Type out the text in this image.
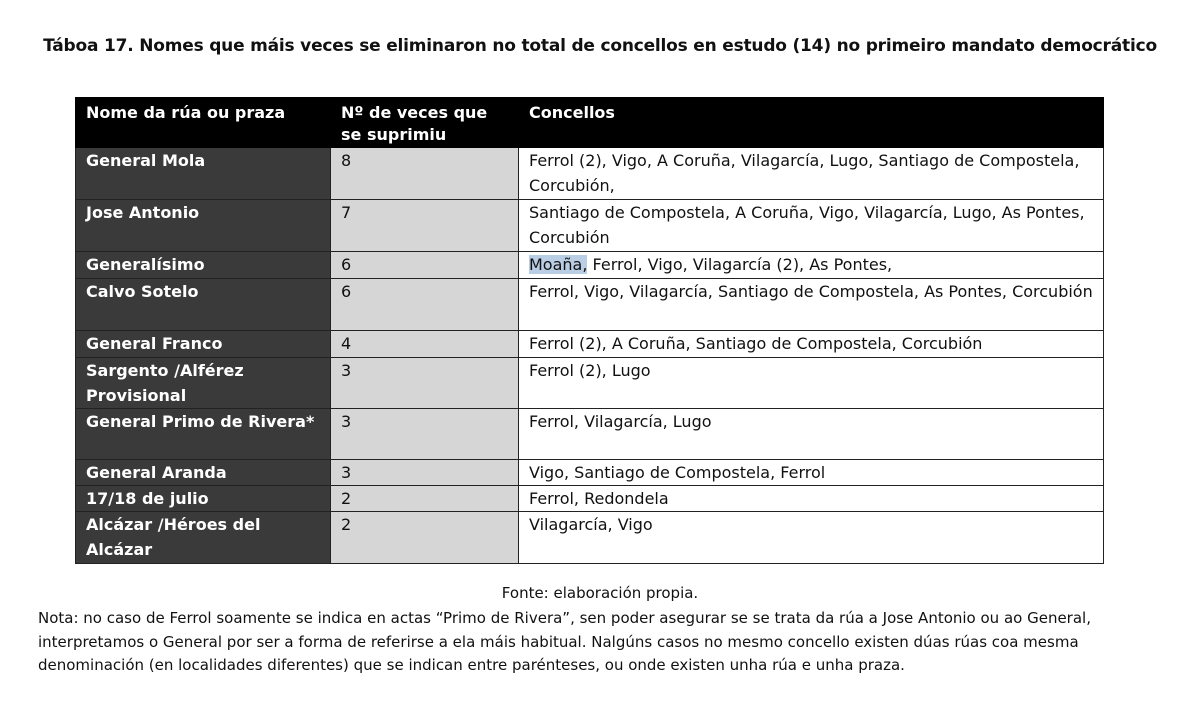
Táboa 17. Nomes que máis veces se eliminaron no total de concellos en estudo (14) no primeiro mandato democrático
Nome da rúa ou praza	Nº de veces que se suprimiu	Concellos
General Mola	8	Ferrol (2), Vigo, A Coruña, Vilagarcía, Lugo, Santiago de Compostela, Corcubión,
Jose Antonio	7	Santiago de Compostela, A Coruña, Vigo, Vilagarcía, Lugo, As Pontes, Corcubión
Generalísimo	6	Moaña, Ferrol, Vigo, Vilagarcía (2), As Pontes,
Calvo Sotelo	6	Ferrol, Vigo, Vilagarcía, Santiago de Compostela, As Pontes, Corcubión
General Franco	4	Ferrol (2), A Coruña, Santiago de Compostela, Corcubión
Sargento /Alférez Provisional	3	Ferrol (2), Lugo
General Primo de Rivera*	3	Ferrol, Vilagarcía, Lugo
General Aranda	3	Vigo, Santiago de Compostela, Ferrol
17/18 de julio	2	Ferrol, Redondela
Alcázar /Héroes del Alcázar	2	Vilagarcía, Vigo
Fonte: elaboración propia.
Nota: no caso de Ferrol soamente se indica en actas “Primo de Rivera”, sen poder asegurar se se trata da rúa a Jose Antonio ou ao General, interpretamos o General por ser a forma de referirse a ela máis habitual. Nalgúns casos no mesmo concello existen dúas rúas coa mesma denominación (en localidades diferentes) que se indican entre parénteses, ou onde existen unha rúa e unha praza.
